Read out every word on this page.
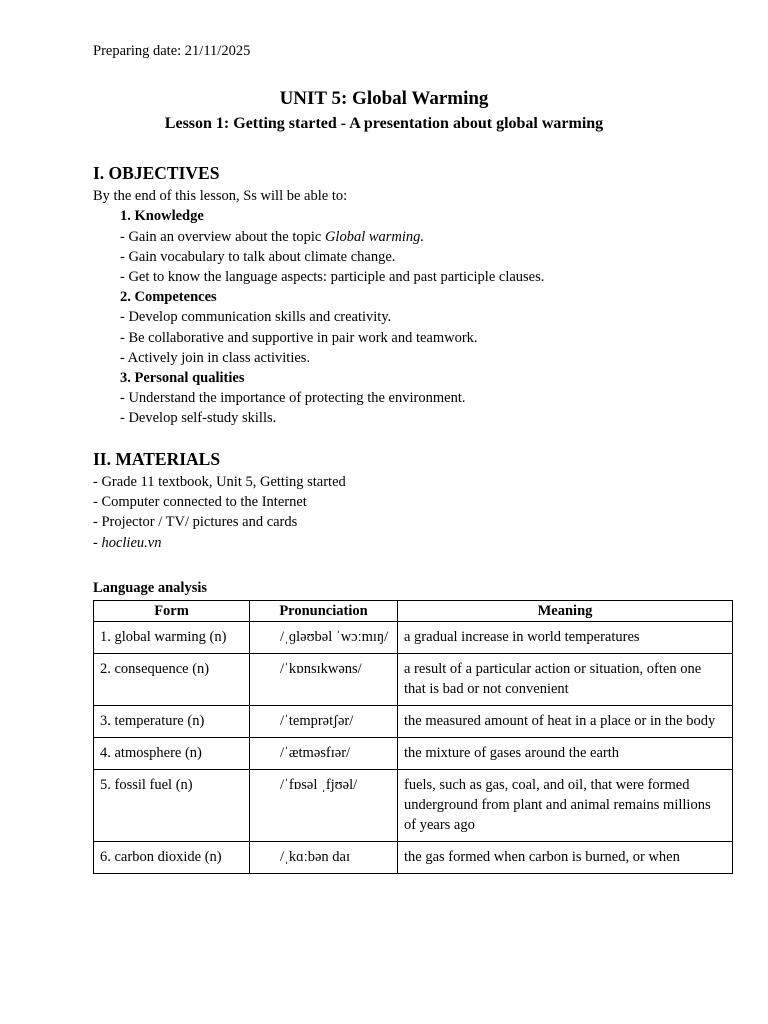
Preparing date: 21/11/2025
UNIT 5: Global Warming
Lesson 1: Getting started - A presentation about global warming
I. OBJECTIVES
By the end of this lesson, Ss will be able to:
1. Knowledge
- Gain an overview about the topic Global warming.
- Gain vocabulary to talk about climate change.
- Get to know the language aspects: participle and past participle clauses.
2. Competences
- Develop communication skills and creativity.
- Be collaborative and supportive in pair work and teamwork.
- Actively join in class activities.
3. Personal qualities
- Understand the importance of protecting the environment.
- Develop self-study skills.
II. MATERIALS
- Grade 11 textbook, Unit 5, Getting started
- Computer connected to the Internet
- Projector / TV/ pictures and cards
- hoclieu.vn
Language analysis
Form	Pronunciation	Meaning
1. global warming (n)	/ˌɡləʊbəl ˈwɔːmɪŋ/	a gradual increase in world temperatures
2. consequence (n)	/ˈkɒnsɪkwəns/	a result of a particular action or situation, often one that is bad or not convenient
3. temperature (n)	/ˈtemprətʃər/	the measured amount of heat in a place or in the body
4. atmosphere (n)	/ˈætməsfɪər/	the mixture of gases around the earth
5. fossil fuel (n)	/ˈfɒsəl ˌfjʊəl/	fuels, such as gas, coal, and oil, that were formed underground from plant and animal remains millions of years ago
6. carbon dioxide (n)	/ˌkɑːbən daɪ	the gas formed when carbon is burned, or when
